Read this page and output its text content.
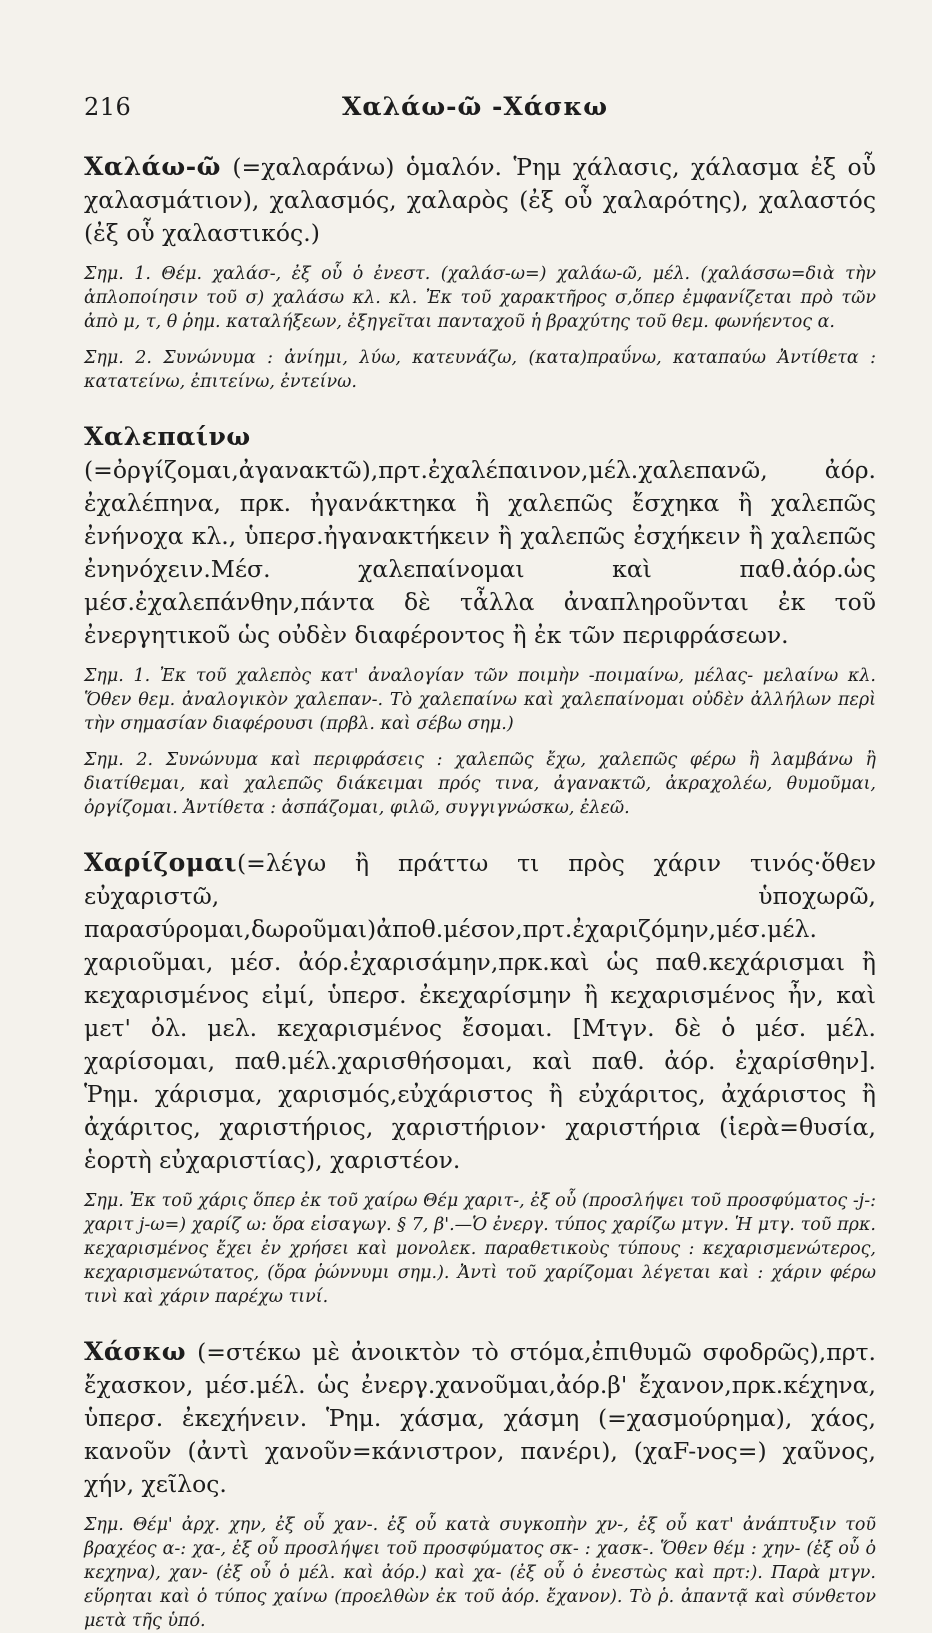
216	Χαλάω-ῶ -Χάσκω

Χαλάω-ῶ (=χαλαράνω) ὁμαλόν. Ῥημ χάλασις, χάλασμα ἐξ οὗ χαλασμάτιον), χαλασμός, χαλαρὸς (ἐξ οὗ χαλαρότης), χαλαστός (ἐξ οὗ χαλαστικός.)

Σημ. 1. Θέμ. χαλάσ-, ἐξ οὗ ὁ ἐνεστ. (χαλάσ-ω=) χαλάω-ῶ, μέλ. (χαλάσσω=διὰ τὴν ἁπλοποίησιν τοῦ σ) χαλάσω κλ. κλ. Ἐκ τοῦ χαρακτῆρος σ,ὅπερ ἐμφανίζεται πρὸ τῶν ἀπὸ μ, τ, θ ῥημ. καταλήξεων, ἐξηγεῖται πανταχοῦ ἡ βραχύτης τοῦ θεμ. φωνήεντος α.

Σημ. 2. Συνώνυμα : ἀνίημι, λύω, κατευνάζω, (κατα)πραΰνω, καταπαύω Ἀντίθετα : κατατείνω, ἐπιτείνω, ἐντείνω.

Χαλεπαίνω (=ὀργίζομαι,ἀγανακτῶ),πρτ.ἐχαλέπαινον,μέλ.χαλεπανῶ, ἀόρ. ἐχαλέπηνα, πρκ. ἠγανάκτηκα ἢ χαλεπῶς ἔσχηκα ἢ χαλεπῶς ἐνήνοχα κλ., ὑπερσ.ἠγανακτήκειν ἢ χαλεπῶς ἐσχήκειν ἢ χαλεπῶς ἐνηνόχειν.Μέσ. χαλεπαίνομαι καὶ παθ.ἀόρ.ὡς μέσ.ἐχαλεπάνθην,πάντα δὲ τἆλλα ἀναπληροῦνται ἐκ τοῦ ἐνεργητικοῦ ὡς οὐδὲν διαφέροντος ἢ ἐκ τῶν περιφράσεων.

Σημ. 1. Ἐκ τοῦ χαλεπὸς κατ' ἀναλογίαν τῶν ποιμὴν -ποιμαίνω, μέλας- μελαίνω κλ. Ὅθεν θεμ. ἀναλογικὸν χαλεπαν-. Τὸ χαλεπαίνω καὶ χαλεπαίνομαι οὐδὲν ἀλλήλων περὶ τὴν σημασίαν διαφέρουσι (πρβλ. καὶ σέβω σημ.)

Σημ. 2. Συνώνυμα καὶ περιφράσεις : χαλεπῶς ἔχω, χαλεπῶς φέρω ἢ λαμβάνω ἢ διατίθεμαι, καὶ χαλεπῶς διάκειμαι πρός τινα, ἀγανακτῶ, ἀκραχολέω, θυμοῦμαι, ὀργίζομαι. Ἀντίθετα : ἀσπάζομαι, φιλῶ, συγγιγνώσκω, ἐλεῶ.

Χαρίζομαι(=λέγω ἢ πράττω τι πρὸς χάριν τινός·ὅθεν εὐχαριστῶ, ὑποχωρῶ, παρασύρομαι,δωροῦμαι)ἀποθ.μέσον,πρτ.ἐχαριζόμην,μέσ.μέλ. χαριοῦμαι, μέσ. ἀόρ.ἐχαρισάμην,πρκ.καὶ ὡς παθ.κεχάρισμαι ἢ κεχαρισμένος εἰμί, ὑπερσ. ἐκεχαρίσμην ἢ κεχαρισμένος ἦν, καὶ μετ' ὀλ. μελ. κεχαρισμένος ἔσομαι. [Μτγν. δὲ ὁ μέσ. μέλ. χαρίσομαι, παθ.μέλ.χαρισθήσομαι, καὶ παθ. ἀόρ. ἐχαρίσθην]. Ῥημ. χάρισμα, χαρισμός,εὐχάριστος ἢ εὐχάριτος, ἀχάριστος ἢ ἀχάριτος, χαριστήριος, χαριστήριον· χαριστήρια (ἱερὰ=θυσία, ἑορτὴ εὐχαριστίας), χαριστέον.

Σημ. Ἐκ τοῦ χάρις ὅπερ ἐκ τοῦ χαίρω Θέμ χαριτ-, ἐξ οὗ (προσλήψει τοῦ προσφύματος -j-: χαριτ j-ω=) χαρίζ ω: ὅρα εἰσαγωγ. § 7, β'.—Ὁ ἐνεργ. τύπος χαρίζω μτγν. Ἡ μτγ. τοῦ πρκ. κεχαρισμένος ἔχει ἐν χρήσει καὶ μονολεκ. παραθετικοὺς τύπους : κεχαρισμενώτερος, κεχαρισμενώτατος, (ὅρα ῥώννυμι σημ.). Ἀντὶ τοῦ χαρίζομαι λέγεται καὶ : χάριν φέρω τινὶ καὶ χάριν παρέχω τινί.

Χάσκω (=στέκω μὲ ἀνοικτὸν τὸ στόμα,ἐπιθυμῶ σφοδρῶς),πρτ. ἔχασκον, μέσ.μέλ. ὡς ἐνεργ.χανοῦμαι,ἀόρ.β' ἔχανον,πρκ.κέχηνα, ὑπερσ. ἐκεχήνειν. Ῥημ. χάσμα, χάσμη (=χασμούρημα), χάος, κανοῦν (ἀντὶ χανοῦν=κάνιστρον, πανέρι), (χαF-νος=) χαῦνος, χήν, χεῖλος.

Σημ. Θέμ' ἀρχ. χην, ἐξ οὗ χαν-. ἐξ οὗ κατὰ συγκοπὴν χν-, ἐξ οὗ κατ' ἀνάπτυξιν τοῦ βραχέος α-: χα-, ἐξ οὗ προσλήψει τοῦ προσφύματος σκ- : χασκ-. Ὅθεν θέμ : χην- (ἐξ οὗ ὁ κεχηνα), χαν- (ἐξ οὗ ὁ μέλ. καὶ ἀόρ.) καὶ χα- (ἐξ οὗ ὁ ἐνεστὼς καὶ πρτ:). Παρὰ μτγν. εὕρηται καὶ ὁ τύπος χαίνω (προελθὼν ἐκ τοῦ ἀόρ. ἔχανον). Τὸ ῥ. ἀπαντᾷ καὶ σύνθετον μετὰ τῆς ὑπό.
